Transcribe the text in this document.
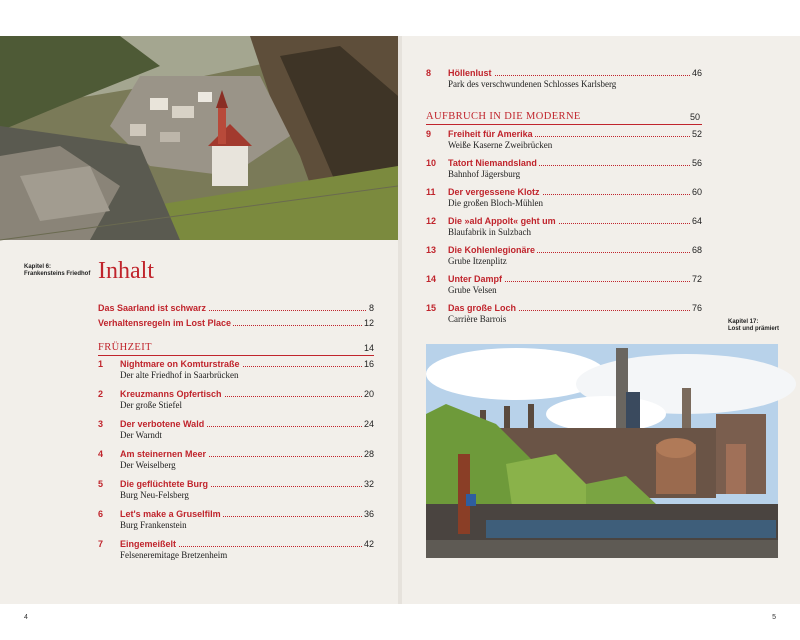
Kapitel 6:
Frankensteins Friedhof Inhalt
Das Saarland ist schwarz	8
Verhaltensregeln im Lost Place	12
FRÜHZEIT	14
1 Nightmare on Komturstraße	16
Der alte Friedhof in Saarbrücken
2 Kreuzmanns Opfertisch	20
Der große Stiefel
3 Der verbotene Wald	24
Der Warndt
4 Am steinernen Meer	28
Der Weiselberg
5 Die geflüchtete Burg	32
Burg Neu-Felsberg
6 Let's make a Gruselfilm	36
Burg Frankenstein
7 Eingemeißelt	42
Felseneremitage Bretzenheim
4
8 Höllenlust	46
Park des verschwundenen Schlosses Karlsberg
AUFBRUCH IN DIE MODERNE	50
9 Freiheit für Amerika	52
Weiße Kaserne Zweibrücken
10 Tatort Niemandsland	56
Bahnhof Jägersburg
11 Der vergessene Klotz	60
Die großen Bloch-Mühlen
12 Die »ald Appolt« geht um	64
Blaufabrik in Sulzbach
13 Die Kohlenlegionäre	68
Grube Itzenplitz
14 Unter Dampf	72
Grube Velsen
15 Das große Loch	76
Carrière Barrois	Kapitel 17:
Lost und prämiert
5
